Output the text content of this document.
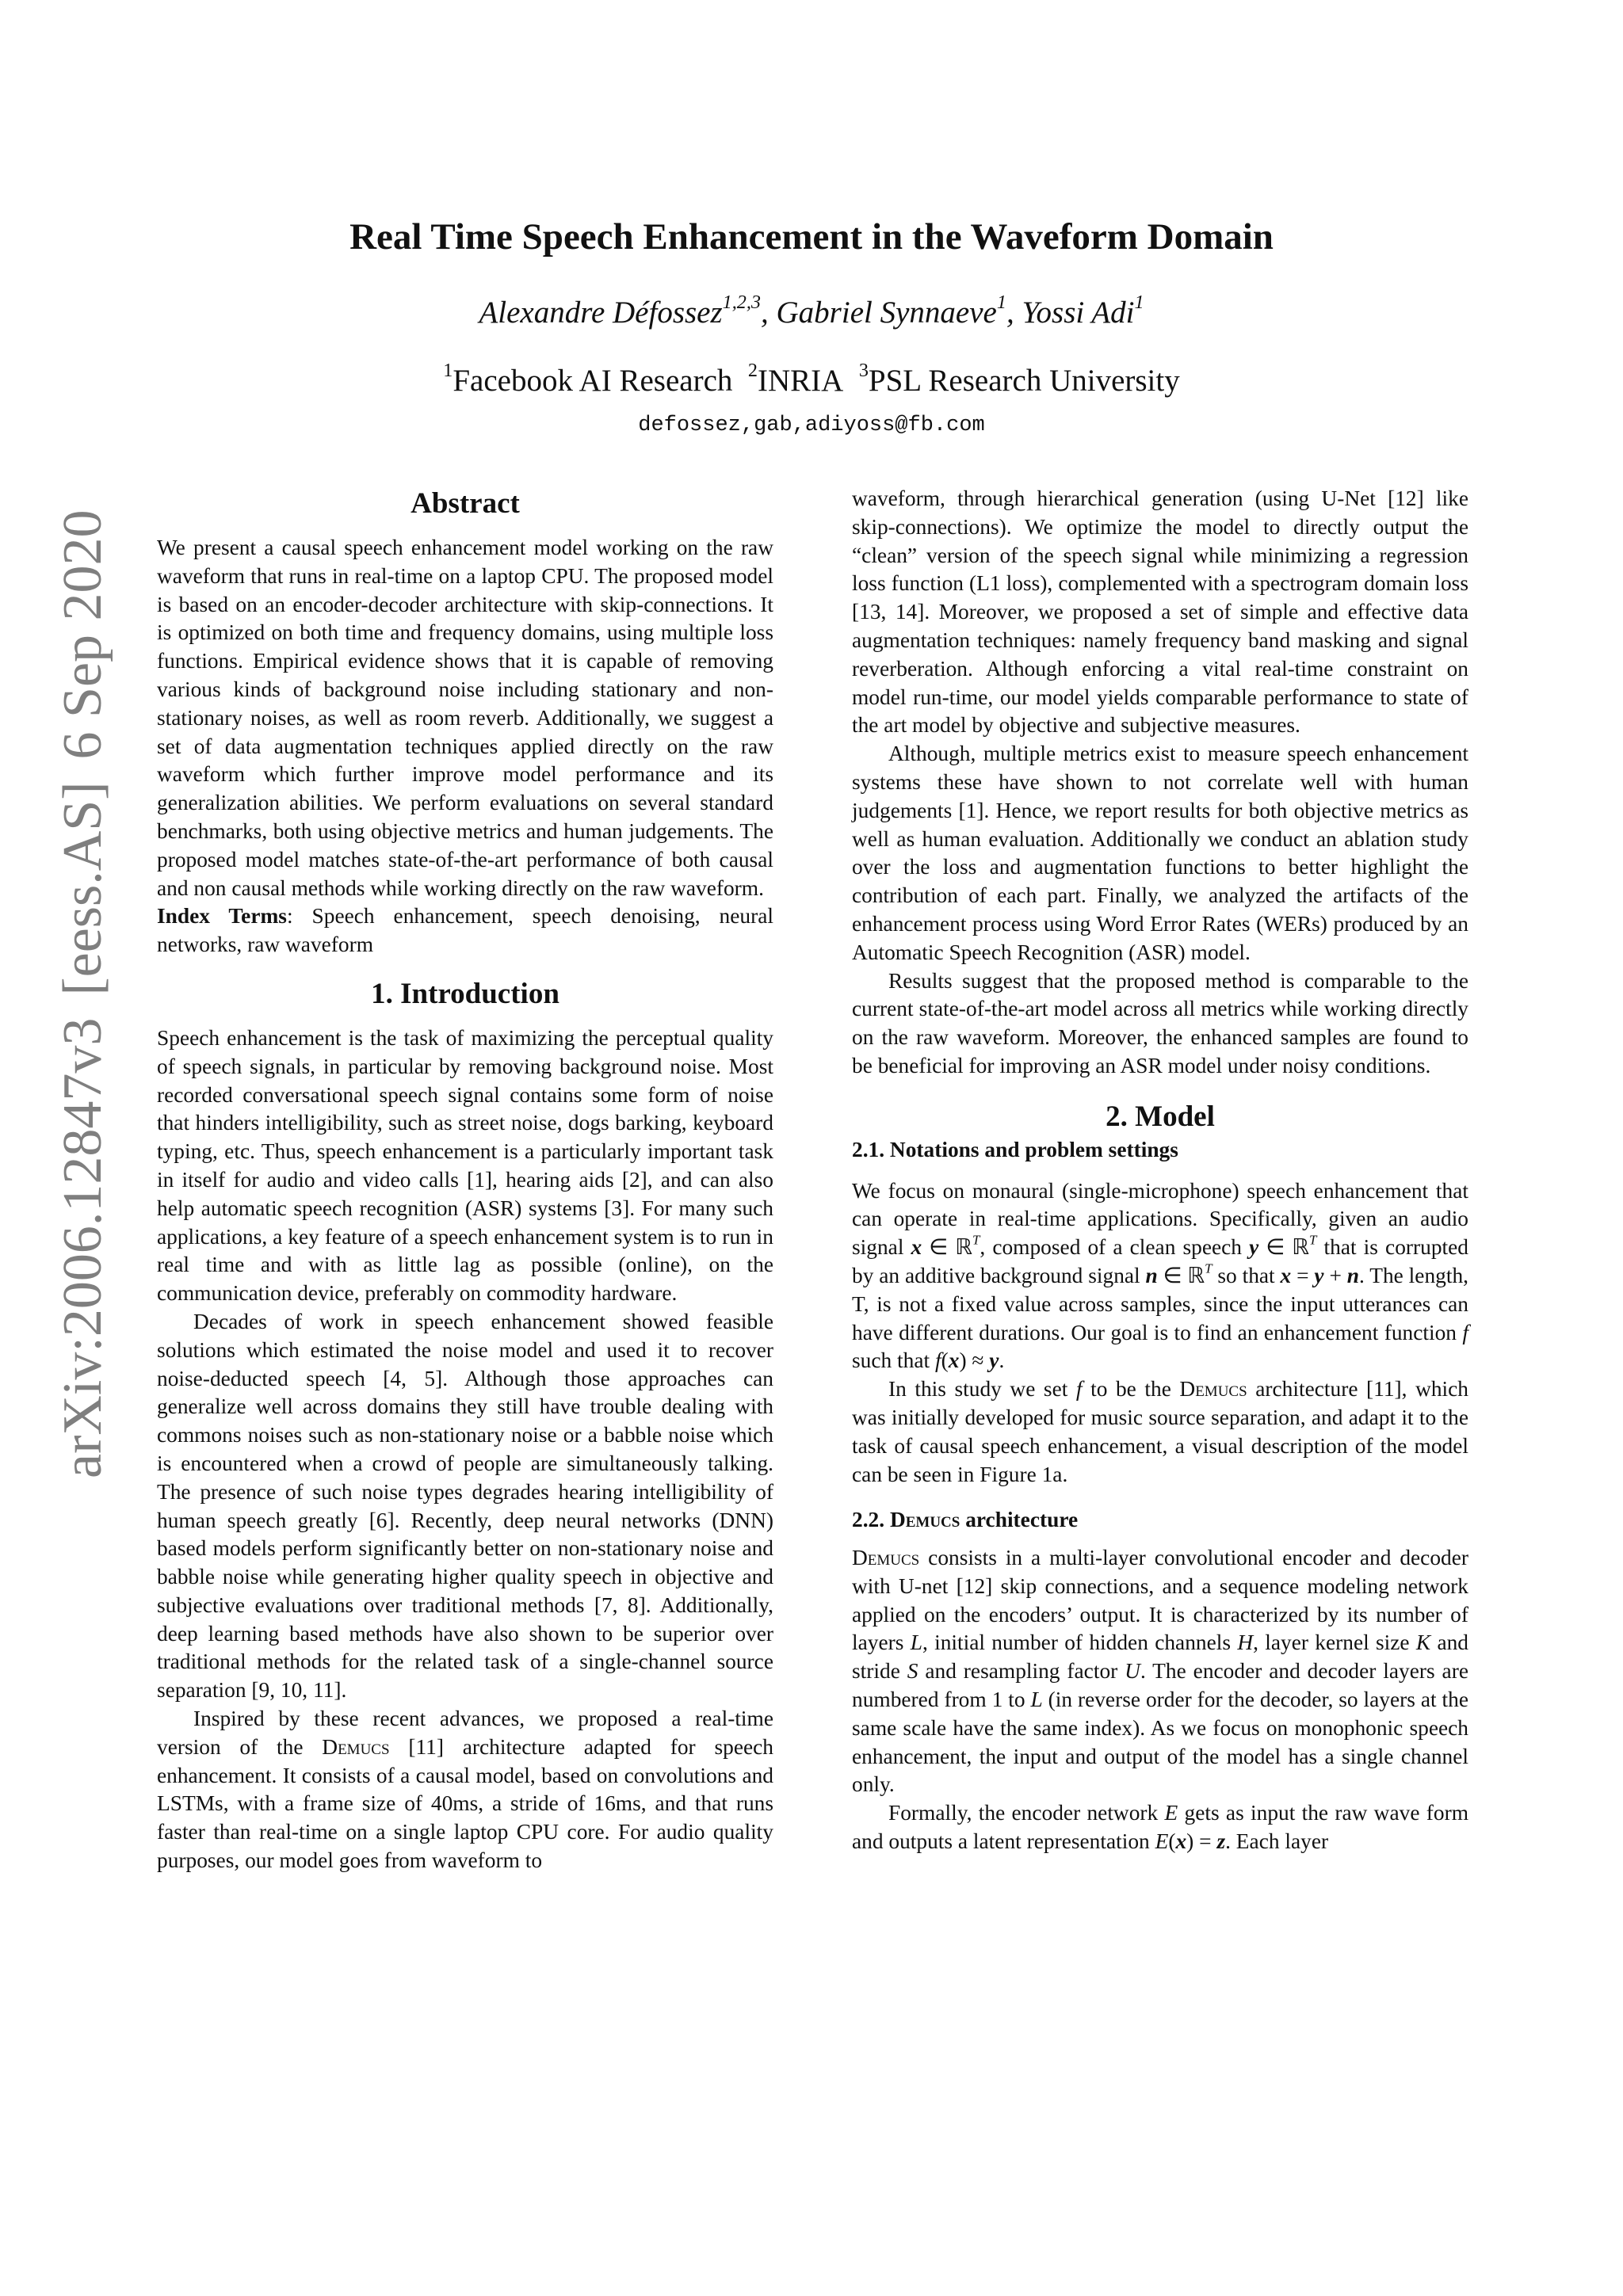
arXiv:2006.12847v3[eess.AS]6 Sep 2020
Real Time Speech Enhancement in the Waveform Domain
Alexandre Défossez$^{1,2,3}$, Gabriel Synnaeve$^1$, Yossi Adi$^1$
$^1$Facebook AI Research $^2$INRIA $^3$PSL Research University
defossez,gab,adiyoss@fb.com
Abstract

We present a causal speech enhancement model working on the raw waveform that runs in real-time on a laptop CPU. The proposed model is based on an encoder-decoder architecture with skip-connections. It is optimized on both time and frequency domains, using multiple loss functions. Empirical evidence shows that it is capable of removing various kinds of background noise including stationary and non-stationary noises, as well as room reverb. Additionally, we suggest a set of data augmentation techniques applied directly on the raw waveform which further improve model performance and its generalization abilities. We perform evaluations on several standard benchmarks, both using objective metrics and human judgements. The proposed model matches state-of-the-art performance of both causal and non causal methods while working directly on the raw waveform.

Index Terms: Speech enhancement, speech denoising, neural networks, raw waveform

1. Introduction

Speech enhancement is the task of maximizing the perceptual quality of speech signals, in particular by removing background noise. Most recorded conversational speech signal contains some form of noise that hinders intelligibility, such as street noise, dogs barking, keyboard typing, etc. Thus, speech enhancement is a particularly important task in itself for audio and video calls [1], hearing aids [2], and can also help automatic speech recognition (ASR) systems [3]. For many such applications, a key feature of a speech enhancement system is to run in real time and with as little lag as possible (online), on the communication device, preferably on commodity hardware.

Decades of work in speech enhancement showed feasible solutions which estimated the noise model and used it to recover noise-deducted speech [4, 5]. Although those approaches can generalize well across domains they still have trouble dealing with commons noises such as non-stationary noise or a babble noise which is encountered when a crowd of people are simultaneously talking. The presence of such noise types degrades hearing intelligibility of human speech greatly [6]. Recently, deep neural networks (DNN) based models perform significantly better on non-stationary noise and babble noise while generating higher quality speech in objective and subjective evaluations over traditional methods [7, 8]. Additionally, deep learning based methods have also shown to be superior over traditional methods for the related task of a single-channel source separation [9, 10, 11].

Inspired by these recent advances, we proposed a real-time version of the Demucs [11] architecture adapted for speech enhancement. It consists of a causal model, based on convolutions and LSTMs, with a frame size of 40ms, a stride of 16ms, and that runs faster than real-time on a single laptop CPU core. For audio quality purposes, our model goes from waveform to

waveform, through hierarchical generation (using U-Net [12] like skip-connections). We optimize the model to directly output the “clean” version of the speech signal while minimizing a regression loss function (L1 loss), complemented with a spectrogram domain loss [13, 14]. Moreover, we proposed a set of simple and effective data augmentation techniques: namely frequency band masking and signal reverberation. Although enforcing a vital real-time constraint on model run-time, our model yields comparable performance to state of the art model by objective and subjective measures.

Although, multiple metrics exist to measure speech enhancement systems these have shown to not correlate well with human judgements [1]. Hence, we report results for both objective metrics as well as human evaluation. Additionally we conduct an ablation study over the loss and augmentation functions to better highlight the contribution of each part. Finally, we analyzed the artifacts of the enhancement process using Word Error Rates (WERs) produced by an Automatic Speech Recognition (ASR) model.

Results suggest that the proposed method is comparable to the current state-of-the-art model across all metrics while working directly on the raw waveform. Moreover, the enhanced samples are found to be beneficial for improving an ASR model under noisy conditions.

2. Model

2.1. Notations and problem settings

We focus on monaural (single-microphone) speech enhancement that can operate in real-time applications. Specifically, given an audio signal x ∈ ℝ$^T$, composed of a clean speech y ∈ ℝ$^T$ that is corrupted by an additive background signal n ∈ ℝ$^T$ so that x = y + n. The length, T, is not a fixed value across samples, since the input utterances can have different durations. Our goal is to find an enhancement function f such that f(x) ≈ y.

In this study we set f to be the Demucs architecture [11], which was initially developed for music source separation, and adapt it to the task of causal speech enhancement, a visual description of the model can be seen in Figure 1a.

2.2. Demucs architecture

Demucs consists in a multi-layer convolutional encoder and decoder with U-net [12] skip connections, and a sequence modeling network applied on the encoders’ output. It is characterized by its number of layers L, initial number of hidden channels H, layer kernel size K and stride S and resampling factor U. The encoder and decoder layers are numbered from 1 to L (in reverse order for the decoder, so layers at the same scale have the same index). As we focus on monophonic speech enhancement, the input and output of the model has a single channel only.

Formally, the encoder network E gets as input the raw wave form and outputs a latent representation E(x) = z. Each layer
